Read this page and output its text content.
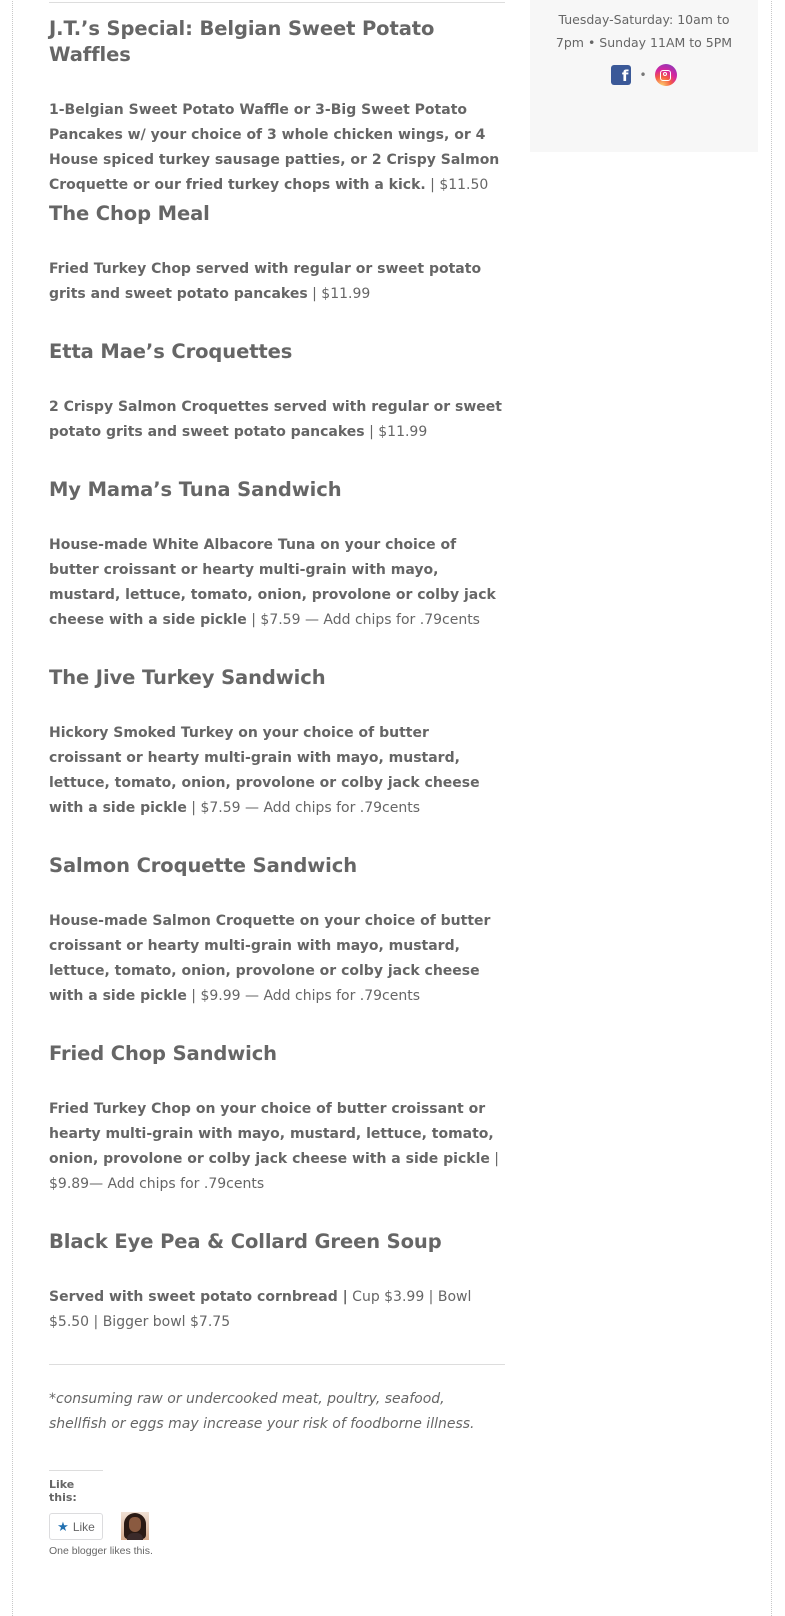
J.T.’s Special: Belgian Sweet Potato Waffles

1-Belgian Sweet Potato Waffle or 3-Big Sweet Potato Pancakes w/ your choice of 3 whole chicken wings, or 4 House spiced turkey sausage patties, or 2 Crispy Salmon Croquette or our fried turkey chops with a kick. | $11.50

The Chop Meal

Fried Turkey Chop served with regular or sweet potato grits and sweet potato pancakes | $11.99

Etta Mae’s Croquettes

2 Crispy Salmon Croquettes served with regular or sweet potato grits and sweet potato pancakes | $11.99

My Mama’s Tuna Sandwich

House-made White Albacore Tuna on your choice of butter croissant or hearty multi-grain with mayo, mustard, lettuce, tomato, onion, provolone or colby jack cheese with a side pickle | $7.59 — Add chips for .79cents

The Jive Turkey Sandwich

Hickory Smoked Turkey on your choice of butter croissant or hearty multi-grain with mayo, mustard, lettuce, tomato, onion, provolone or colby jack cheese with a side pickle | $7.59 — Add chips for .79cents

Salmon Croquette Sandwich

House-made Salmon Croquette on your choice of butter croissant or hearty multi-grain with mayo, mustard, lettuce, tomato, onion, provolone or colby jack cheese with a side pickle | $9.99 — Add chips for .79cents

Fried Chop Sandwich

Fried Turkey Chop on your choice of butter croissant or hearty multi-grain with mayo, mustard, lettuce, tomato, onion, provolone or colby jack cheese with a side pickle | $9.89— Add chips for .79cents

Black Eye Pea & Collard Green Soup

Served with sweet potato cornbread | Cup $3.99 | Bowl $5.50 | Bigger bowl $7.75

*consuming raw or undercooked meat, poultry, seafood, shellfish or eggs may increase your risk of foodborne illness.

Like this:
★ Like
One blogger likes this.
Tuesday-Saturday: 10am to
7pm • Sunday 11AM to 5PM
f •
